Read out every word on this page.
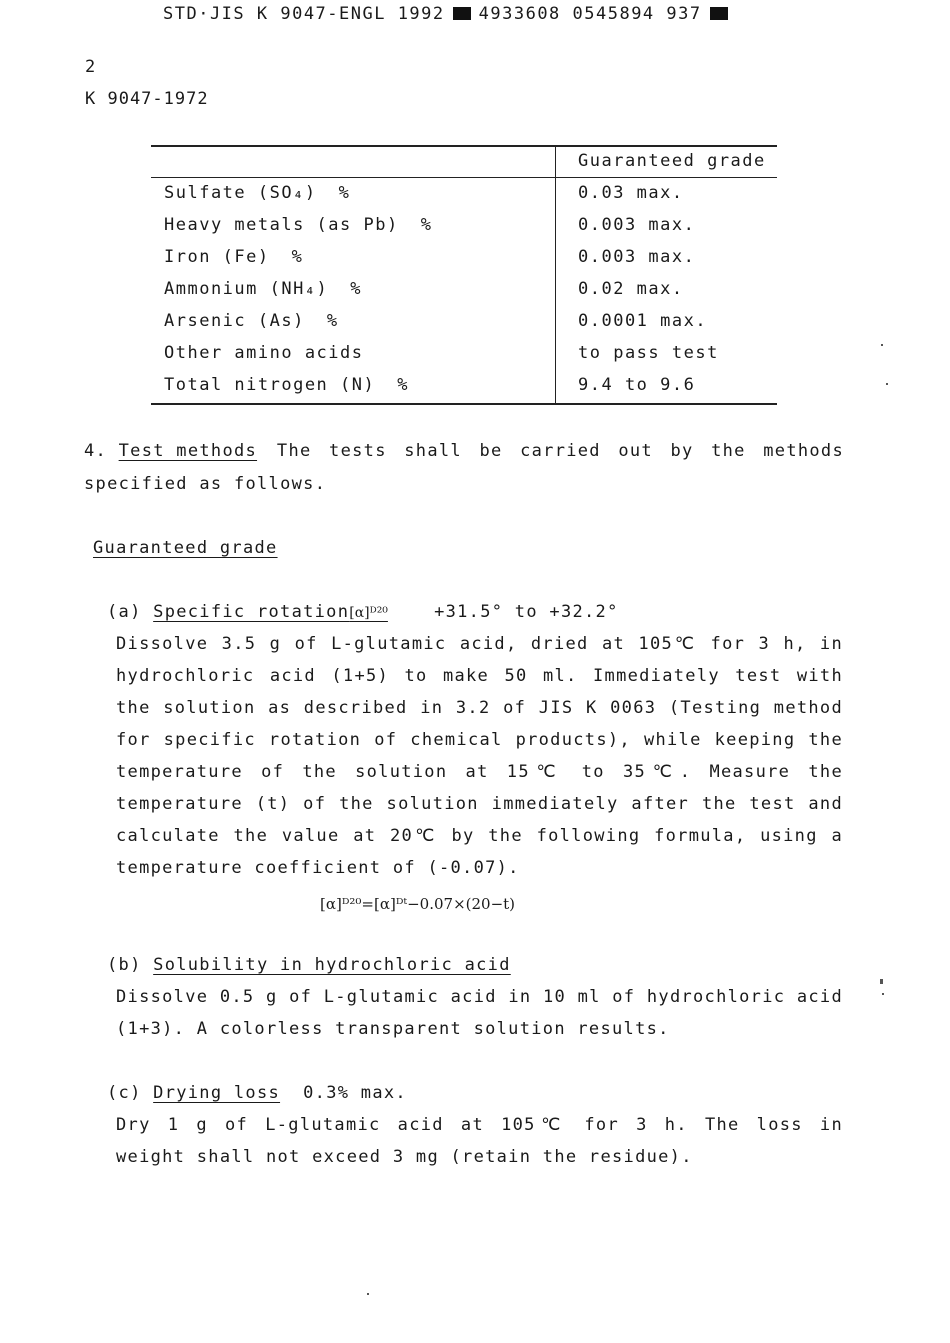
STD·JIS K 9047-ENGL 1992 4933608 0545894 937
2
K 9047-1972
Guaranteed grade
Sulfate (SO₄) %	0.03 max.
Heavy metals (as Pb) %	0.003 max.
Iron (Fe) %	0.003 max.
Ammonium (NH₄) %	0.02 max.
Arsenic (As) %	0.0001 max.
Other amino acids	to pass test
Total nitrogen (N) %	9.4 to 9.6
4. Test methods The tests shall be carried out by the methods
specified as follows.
Guaranteed grade
(a) Specific rotation[α]ᴰ²⁰	+31.5° to +32.2°
Dissolve 3.5 g of L-glutamic acid, dried at 105℃ for 3 h, in
hydrochloric acid (1+5) to make 50 ml. Immediately test with
the solution as described in 3.2 of JIS K 0063 (Testing method
for specific rotation of chemical products), while keeping the
temperature of the solution at 15℃ to 35℃. Measure the
temperature (t) of the solution immediately after the test and
calculate the value at 20℃ by the following formula, using a
temperature coefficient of (-0.07).
[α]ᴰ²⁰=[α]ᴰᵗ−0.07×(20−t)
(b) Solubility in hydrochloric acid
Dissolve 0.5 g of L-glutamic acid in 10 ml of hydrochloric acid
(1+3). A colorless transparent solution results.
(c) Drying loss 0.3% max.
Dry 1 g of L-glutamic acid at 105℃ for 3 h. The loss in
weight shall not exceed 3 mg (retain the residue).
